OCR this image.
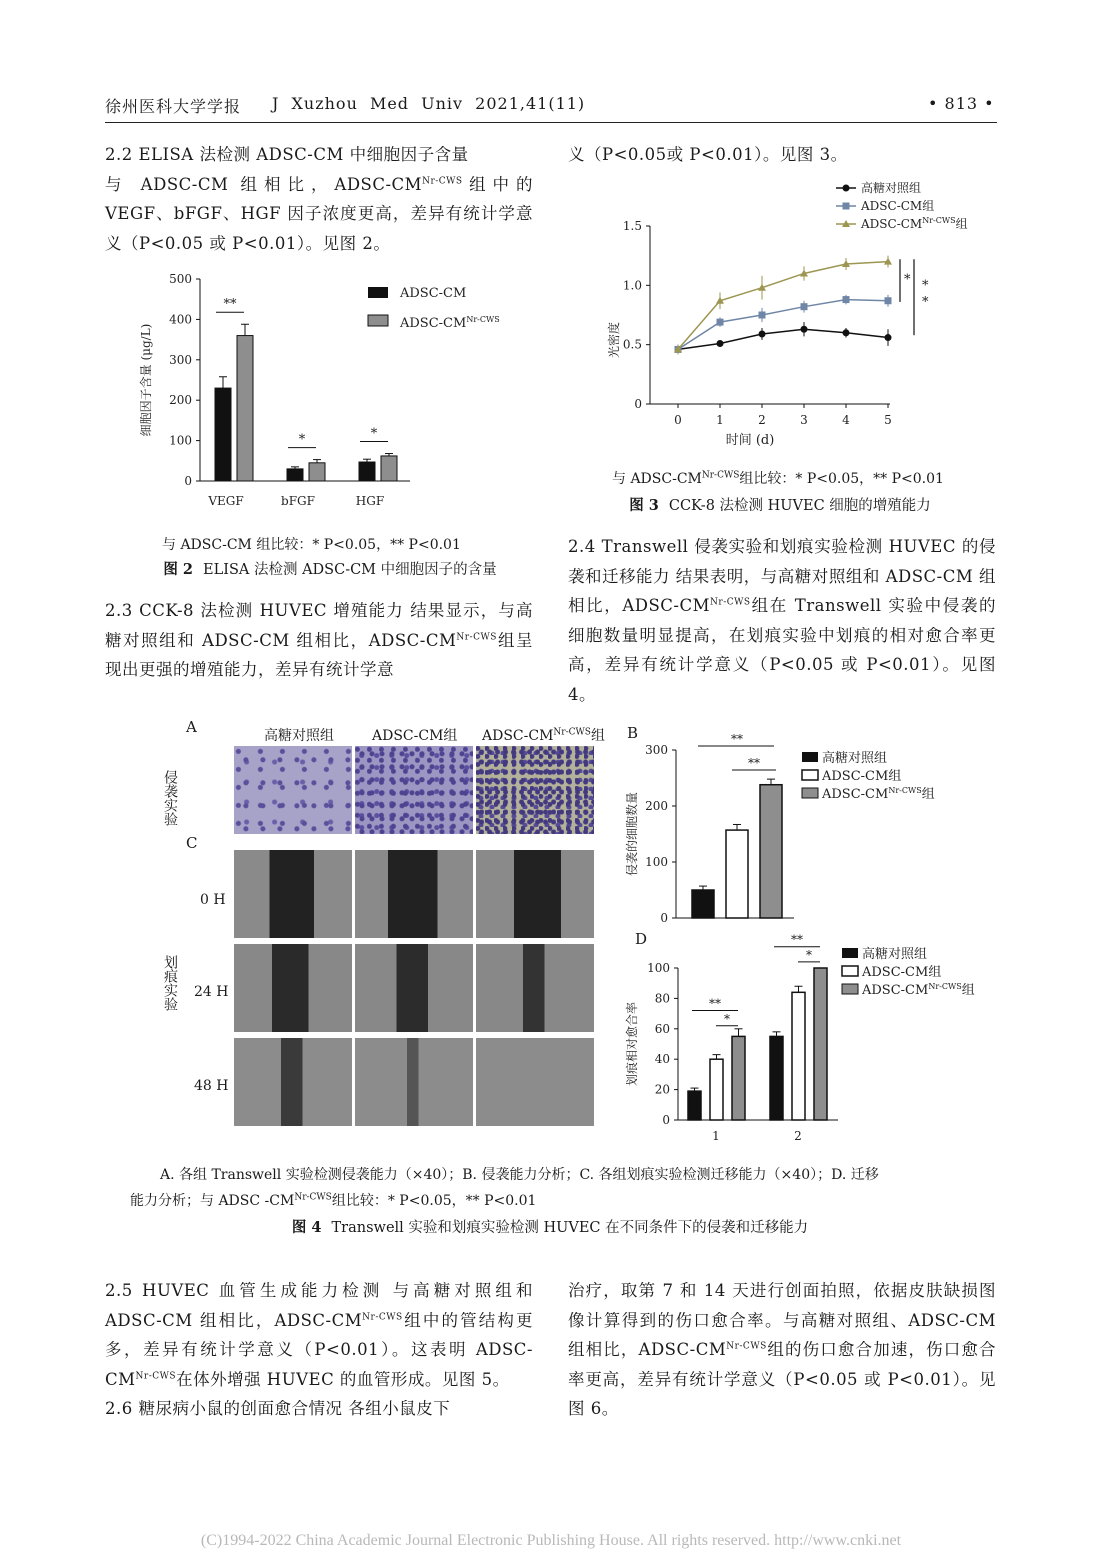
徐州医科大学学报 J Xuzhou Med Univ 2021,41(11)	• 813 •
2.2 ELISA 法检测 ADSC-CM 中细胞因子含量
与 ADSC-CM 组相比，ADSC-$CM^{Nr-CWS}$组中的 VEGF、bFGF、HGF 因子浓度更高，差异有统计学意义（P<0.05 或 P<0.01）。见图 2。
0
100
200
300
400
500
细胞因子含量 (μg/L)
VEGF
**
bFGF
*
HGF
*
ADSC-CM
ADSC-$CM^{Nr-CWS}$
与 ADSC-CM 组比较：* P<0.05，** P<0.01
图 2 ELISA 法检测 ADSC-CM 中细胞因子的含量
2.3 CCK-8 法检测 HUVEC 增殖能力 结果显示，与高糖对照组和 ADSC-CM 组相比，ADSC-$CM^{Nr-CWS}$组呈现出更强的增殖能力，差异有统计学意
义（P<0.05或 P<0.01）。见图 3。
0
0.5
1.0
1.5
0	1	2	3	4	5
时间 (d)
光密度
* *
*
高糖对照组
ADSC-CM组
ADSC-$CM^{Nr-CWS}$组
与 ADSC-$CM^{Nr-CWS}$组比较：* P<0.05，** P<0.01
图 3 CCK-8 法检测 HUVEC 细胞的增殖能力
2.4 Transwell 侵袭实验和划痕实验检测 HUVEC 的侵袭和迁移能力 结果表明，与高糖对照组和 ADSC-CM 组相比，ADSC-$CM^{Nr-CWS}$组在 Transwell 实验中侵袭的细胞数量明显提高，在划痕实验中划痕的相对愈合率更高，差异有统计学意义（P<0.05 或 P<0.01）。见图 4。
A	高糖对照组	ADSC-CM组 ADSC-$CM^{Nr-CWS}$组
侵袭实验
C
0 H
24 H
48 H
划痕实验
B
0
100
200
300
侵袭的细胞数量
**
**	高糖对照组
ADSC-CM组
ADSC-$CM^{Nr-CWS}$组
D
0
20
40
60
80
100
划痕相对愈合率
1	2
**
*
**
*	高糖对照组
ADSC-CM组
ADSC-$CM^{Nr-CWS}$组
A. 各组 Transwell 实验检测侵袭能力（×40）；B. 侵袭能力分析；C. 各组划痕实验检测迁移能力（×40）；D. 迁移
能力分析；与 ADSC $-CM^{Nr-CWS}$组比较：* P<0.05，** P<0.01
图 4 Transwell 实验和划痕实验检测 HUVEC 在不同条件下的侵袭和迁移能力
2.5 HUVEC 血管生成能力检测 与高糖对照组和 ADSC-CM 组相比，ADSC-$CM^{Nr-CWS}$组中的管结构更多，差异有统计学意义（P<0.01）。这表明 ADSC-$CM^{Nr-CWS}$在体外增强 HUVEC 的血管形成。见图 5。
2.6 糖尿病小鼠的创面愈合情况 各组小鼠皮下
治疗，取第 7 和 14 天进行创面拍照，依据皮肤缺损图像计算得到的伤口愈合率。与高糖对照组、ADSC-CM 组相比，ADSC-$CM^{Nr-CWS}$组的伤口愈合加速，伤口愈合率更高，差异有统计学意义（P<0.05 或 P<0.01）。见图 6。
(C)1994-2022 China Academic Journal Electronic Publishing House. All rights reserved. http://www.cnki.net
